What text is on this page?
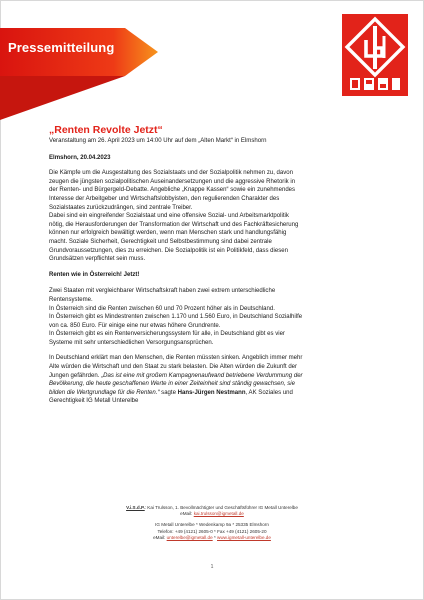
Pressemitteilung
„Renten Revolte Jetzt“
Veranstaltung am 26. April 2023 um 14:00 Uhr auf dem „Alten Markt“ in Elmshorn
Elmshorn, 20.04.2023
Die Kämpfe um die Ausgestaltung des Sozialstaats und der Sozialpolitik nehmen zu, davon
zeugen die jüngsten sozialpolitischen Auseinandersetzungen und die aggressive Rhetorik in
der Renten- und Bürgergeld-Debatte. Angebliche „Knappe Kassen“ sowie ein zunehmendes
Interesse der Arbeitgeber und Wirtschaftslobbyisten, den regulierenden Charakter des
Sozialstaates zurückzudrängen, sind zentrale Treiber.
Dabei sind ein eingreifender Sozialstaat und eine offensive Sozial- und Arbeitsmarktpolitik
nötig, die Herausforderungen der Transformation der Wirtschaft und des Fachkräftesicherung
können nur erfolgreich bewältigt werden, wenn man Menschen stark und handlungsfähig
macht. Soziale Sicherheit, Gerechtigkeit und Selbstbestimmung sind dabei zentrale
Grundvoraussetzungen, dies zu erreichen. Die Sozialpolitik ist ein Politikfeld, dass diesen
Grundsätzen verpflichtet sein muss.
Renten wie in Österreich! Jetzt!
Zwei Staaten mit vergleichbarer Wirtschaftskraft haben zwei extrem unterschiedliche
Rentensysteme.
In Österreich sind die Renten zwischen 60 und 70 Prozent höher als in Deutschland.
In Österreich gibt es Mindestrenten zwischen 1.170 und 1.560 Euro, in Deutschland Sozialhilfe
von ca. 850 Euro. Für einige eine nur etwas höhere Grundrente.
In Österreich gibt es ein Rentenversicherungssystem für alle, in Deutschland gibt es vier
Systeme mit sehr unterschiedlichen Versorgungsansprüchen.
In Deutschland erklärt man den Menschen, die Renten müssten sinken. Angeblich immer mehr
Alte würden die Wirtschaft und den Staat zu stark belasten. Die Alten würden die Zukunft der
Jungen gefährden. „Das ist eine mit großem Kampagnenaufwand betriebene Verdummung der
Bevölkerung, die heute geschaffenen Werte in einer Zeiteinheit sind ständig gewachsen, sie
bilden die Wertgrundlage für die Renten.“ sagte Hans-Jürgen Nestmann, AK Soziales und
Gerechtigkeit IG Metall Unterelbe
V.i.S.d.P.: Kai Trulsson, 1. Bevollmächtigter und Geschäftsführer IG Metall Unterelbe
eMail: kai.trulsson@igmetall.de
IG Metall Unterelbe * Wedenkamp 9a * 25335 Elmshorn
Telefon: +49 (4121) 2605-0 * Fax +49 (4121) 2605-20
eMail: unterelbe@igmetall.de * www.igmetall-unterelbe.de
1
